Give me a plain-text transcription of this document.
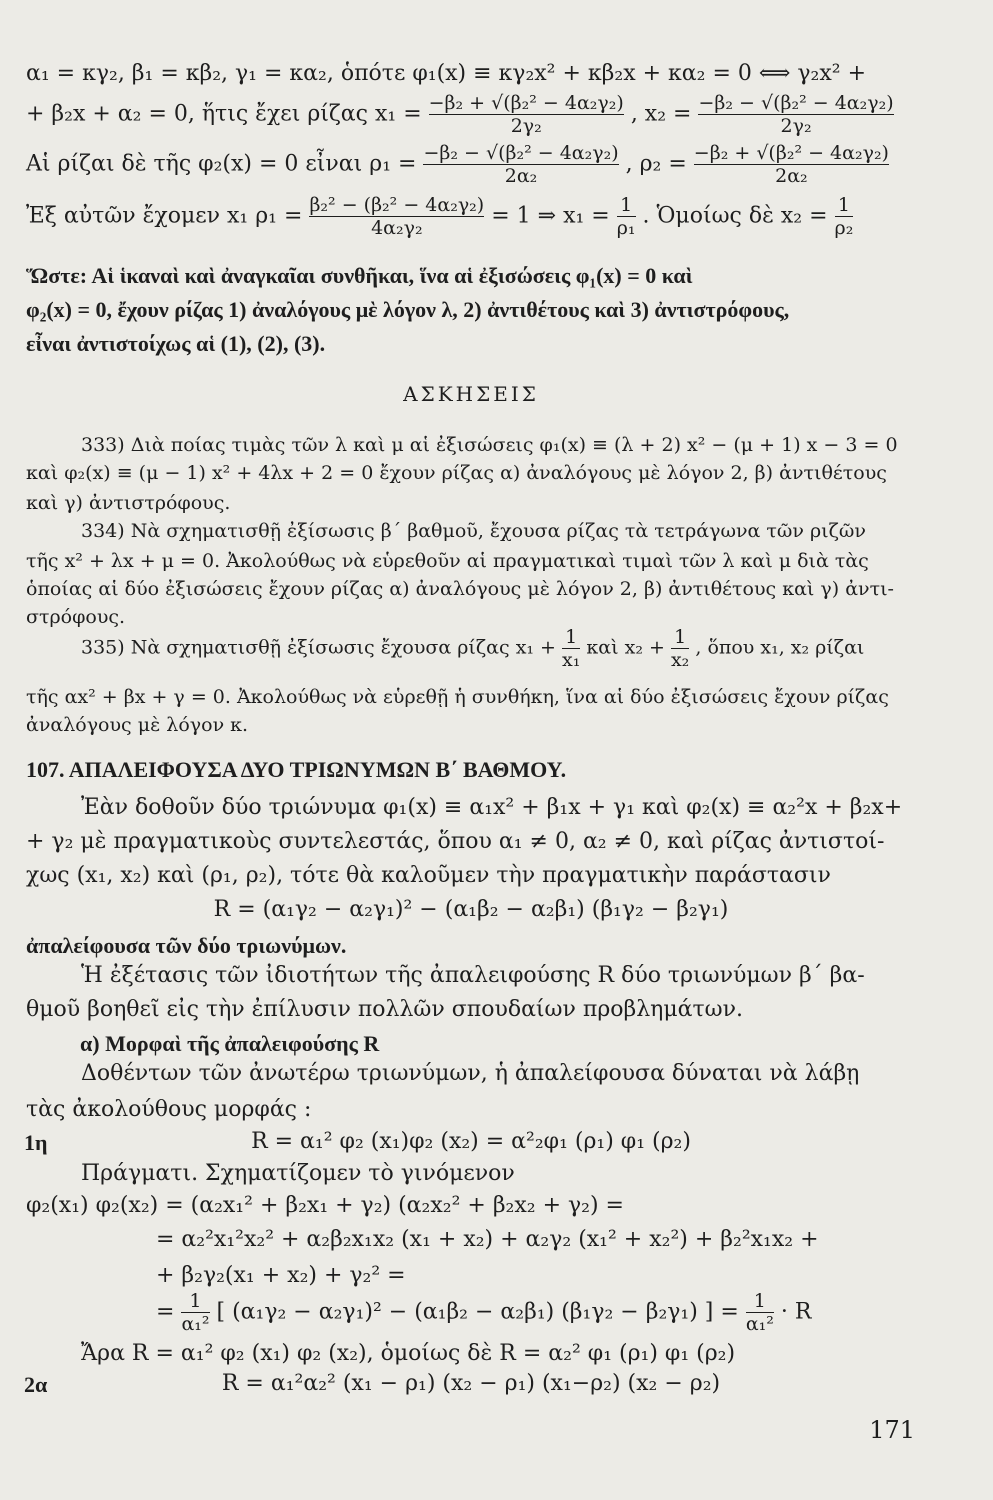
α₁ = κγ₂, β₁ = κβ₂, γ₁ = κα₂, ὁπότε φ₁(x) ≡ κγ₂x² + κβ₂x + κα₂ = 0 ⟺ γ₂x² +
+ β₂x + α₂ = 0, ἥτις ἔχει ρίζας $x_1 = \frac{\text{−β₂ + √(β₂² − 4α₂γ₂)}}{\text{2γ₂}}$ , $x_2 = \frac{\text{−β₂ − √(β₂² − 4α₂γ₂)}}{\text{2γ₂}}$
Αἱ ρίζαι δὲ τῆς φ₂(x) = 0 εἶναι $\rho_1 = \frac{\text{−β₂ − √(β₂² − 4α₂γ₂)}}{\text{2α₂}}$ , $\rho_2 = \frac{\text{−β₂ + √(β₂² − 4α₂γ₂)}}{\text{2α₂}}$
Ἐξ αὐτῶν ἔχομεν x₁ $\rho_1 = \frac{\text{β₂² − (β₂² − 4α₂γ₂)}}{\text{4α₂γ₂}} = 1$ ⇒ $x_1 = \frac{1}{\text{ρ₁}}$ . Ὁμοίως δὲ $x_2 = \frac{1}{\text{ρ₂}}$
Ὥστε: Αἱ ἱκαναὶ καὶ ἀναγκαῖαι συνθῆκαι, ἵνα αἱ ἐξισώσεις φ₁(x) = 0 καὶ
φ₂(x) = 0, ἔχουν ρίζας 1) ἀναλόγους μὲ λόγον λ, 2) ἀντιθέτους καὶ 3) ἀντιστρόφους,
εἶναι ἀντιστοίχως αἱ (1), (2), (3).
ΑΣΚΗΣΕΙΣ
333) Διὰ ποίας τιμὰς τῶν λ καὶ μ αἱ ἐξισώσεις φ₁(x) ≡ (λ + 2) x² − (μ + 1) x − 3 = 0
καὶ φ₂(x) ≡ (μ − 1) x² + 4λx + 2 = 0 ἔχουν ρίζας α) ἀναλόγους μὲ λόγον 2, β) ἀντιθέτους
καὶ γ) ἀντιστρόφους.
334) Νὰ σχηματισθῇ ἐξίσωσις β΄ βαθμοῦ, ἔχουσα ρίζας τὰ τετράγωνα τῶν ριζῶν
τῆς x² + λx + μ = 0. Ἀκολούθως νὰ εὑρεθοῦν αἱ πραγματικαὶ τιμαὶ τῶν λ καὶ μ διὰ τὰς
ὁποίας αἱ δύο ἐξισώσεις ἔχουν ρίζας α) ἀναλόγους μὲ λόγον 2, β) ἀντιθέτους καὶ γ) ἀντι-
στρόφους.
335) Νὰ σχηματισθῇ ἐξίσωσις ἔχουσα ρίζας $x_1 + \frac{1}{\text{x₁}}$ καὶ $x_2 + \frac{1}{\text{x₂}}$ , ὅπου x₁, x₂ ρίζαι
τῆς αx² + βx + γ = 0. Ἀκολούθως νὰ εὑρεθῇ ἡ συνθήκη, ἵνα αἱ δύο ἐξισώσεις ἔχουν ρίζας
ἀναλόγους μὲ λόγον κ.
107. ΑΠΑΛΕΙΦΟΥΣΑ ΔΥΟ ΤΡΙΩΝΥΜΩΝ Β΄ ΒΑΘΜΟΥ.
Ἐὰν δοθοῦν δύο τριώνυμα φ₁(x) ≡ α₁x² + β₁x + γ₁ καὶ φ₂(x) ≡ α₂²x + β₂x+
+ γ₂ μὲ πραγματικοὺς συντελεστάς, ὅπου α₁ ≠ 0, α₂ ≠ 0, καὶ ρίζας ἀντιστοί-
χως (x₁, x₂) καὶ (ρ₁, ρ₂), τότε θὰ καλοῦμεν τὴν πραγματικὴν παράστασιν
R = (α₁γ₂ − α₂γ₁)² − (α₁β₂ − α₂β₁) (β₁γ₂ − β₂γ₁)
ἀπαλείφουσα τῶν δύο τριωνύμων.
Ἡ ἐξέτασις τῶν ἰδιοτήτων τῆς ἀπαλειφούσης R δύο τριωνύμων β΄ βα-
θμοῦ βοηθεῖ εἰς τὴν ἐπίλυσιν πολλῶν σπουδαίων προβλημάτων.
α) Μορφαὶ τῆς ἀπαλειφούσης R
Δοθέντων τῶν ἀνωτέρω τριωνύμων, ἡ ἀπαλείφουσα δύναται νὰ λάβῃ
τὰς ἀκολούθους μορφάς :
1η	R = α₁² φ₂ (x₁)φ₂ (x₂) = α²₂φ₁ (ρ₁) φ₁ (ρ₂)
Πράγματι. Σχηματίζομεν τὸ γινόμενον
φ₂(x₁) φ₂(x₂) = (α₂x₁² + β₂x₁ + γ₂) (α₂x₂² + β₂x₂ + γ₂) =
= α₂²x₁²x₂² + α₂β₂x₁x₂ (x₁ + x₂) + α₂γ₂ (x₁² + x₂²) + β₂²x₁x₂ +
+ β₂γ₂(x₁ + x₂) + γ₂² =
= $\frac{1}{\text{α₁²}}$ [ (α₁γ₂ − α₂γ₁)² − (α₁β₂ − α₂β₁) (β₁γ₂ − β₂γ₁) ] = $\frac{1}{\text{α₁²}} \cdot R$
Ἄρα R = α₁² φ₂ (x₁) φ₂ (x₂), ὁμοίως δὲ R = α₂² φ₁ (ρ₁) φ₁ (ρ₂)
2α	R = α₁²α₂² (x₁ − ρ₁) (x₂ − ρ₁) (x₁−ρ₂) (x₂ − ρ₂)
171
